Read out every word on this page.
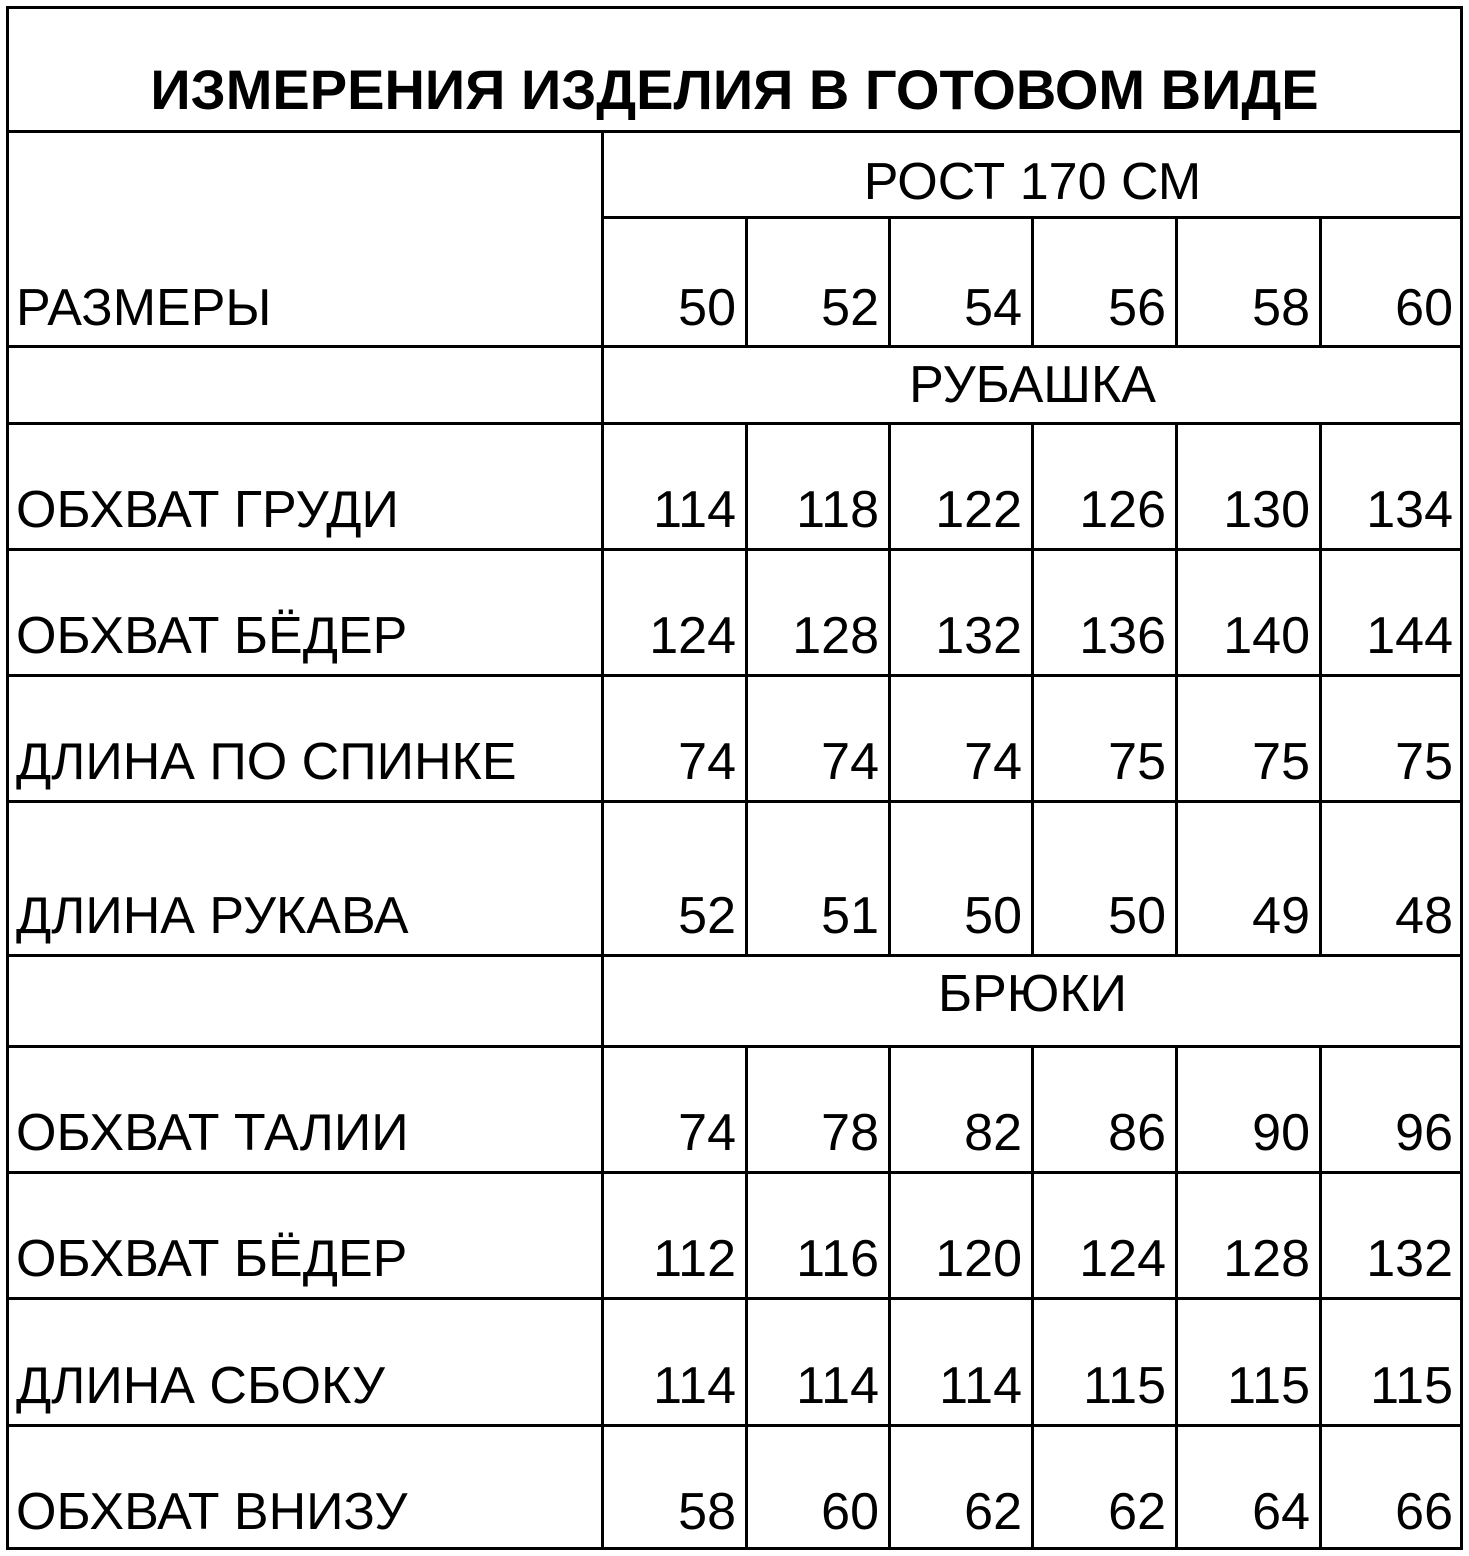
ИЗМЕРЕНИЯ ИЗДЕЛИЯ В ГОТОВОМ ВИДЕ
РОСТ 170 СМ
РАЗМЕРЫ	50	52	54	56	58	60
РУБАШКА
ОБХВАТ ГРУДИ	114	118	122	126	130	134
ОБХВАТ БЁДЕР	124	128	132	136	140	144
ДЛИНА ПО СПИНКЕ	74	74	74	75	75	75
ДЛИНА РУКАВА	52	51	50	50	49	48
БРЮКИ
ОБХВАТ ТАЛИИ	74	78	82	86	90	96
ОБХВАТ БЁДЕР	112	116	120	124	128	132
ДЛИНА СБОКУ	114	114	114	115	115	115
ОБХВАТ ВНИЗУ	58	60	62	62	64	66
